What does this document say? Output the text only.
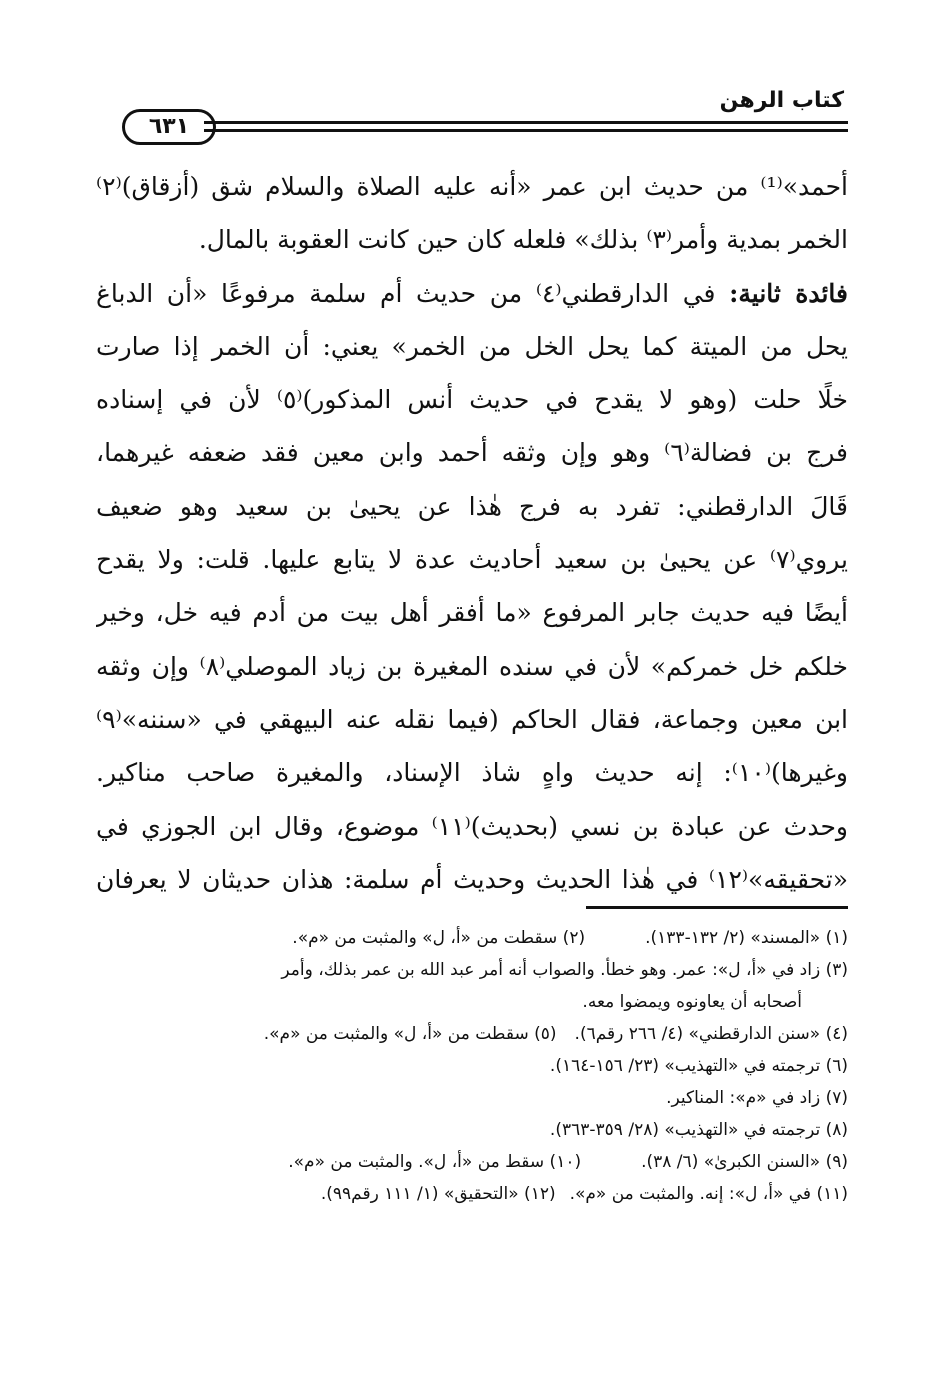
كتاب الرهن
٦٣١
أحمد»⁽¹⁾ من حديث ابن عمر «أنه عليه الصلاة والسلام شق (أزقاق)⁽٢⁾
الخمر بمدية وأمر⁽٣⁾ بذلك» فلعله كان حين كانت العقوبة بالمال.
فائدة ثانية: في الدارقطني⁽٤⁾ من حديث أم سلمة مرفوعًا «أن الدباغ
يحل من الميتة كما يحل الخل من الخمر» يعني: أن الخمر إذا صارت
خلًا حلت (وهو لا يقدح في حديث أنس المذكور)⁽٥⁾ لأن في إسناده
فرج بن فضالة⁽٦⁾ وهو وإن وثقه أحمد وابن معين فقد ضعفه غيرهما،
قَالَ الدارقطني: تفرد به فرج هٰذا عن يحيىٰ بن سعيد وهو ضعيف
يروي⁽٧⁾ عن يحيىٰ بن سعيد أحاديث عدة لا يتابع عليها. قلت: ولا يقدح
أيضًا فيه حديث جابر المرفوع «ما أفقر أهل بيت من أدم فيه خل، وخير
خلكم خل خمركم» لأن في سنده المغيرة بن زياد الموصلي⁽٨⁾ وإن وثقه
ابن معين وجماعة، فقال الحاكم (فيما نقله عنه البيهقي في «سننه»⁽٩⁾
وغيرها)⁽١٠⁾: إنه حديث واهٍ شاذ الإسناد، والمغيرة صاحب مناكير.
وحدث عن عبادة بن نسي (بحديث)⁽١١⁾ موضوع، وقال ابن الجوزي في
«تحقيقه»⁽١٢⁾ في هٰذا الحديث وحديث أم سلمة: هذان حديثان لا يعرفان
(١) «المسند» (٢/ ١٣٢-١٣٣).(٢) سقطت من «أ، ل» والمثبت من «م».
(٣) زاد في «أ، ل»: عمر. وهو خطأ. والصواب أنه أمر عبد الله بن عمر بذلك، وأمر
أصحابه أن يعاونوه ويمضوا معه.
(٤) «سنن الدارقطني» (٤/ ٢٦٦ رقم٦).(٥) سقطت من «أ، ل» والمثبت من «م».
(٦) ترجمته في «التهذيب» (٢٣/ ١٥٦-١٦٤).
(٧) زاد في «م»: المناكير.
(٨) ترجمته في «التهذيب» (٢٨/ ٣٥٩-٣٦٣).
(٩) «السنن الكبرىٰ» (٦/ ٣٨).(١٠) سقط من «أ، ل». والمثبت من «م».
(١١) في «أ، ل»: إنه. والمثبت من «م».(١٢) «التحقيق» (١/ ١١١ رقم٩٩).
